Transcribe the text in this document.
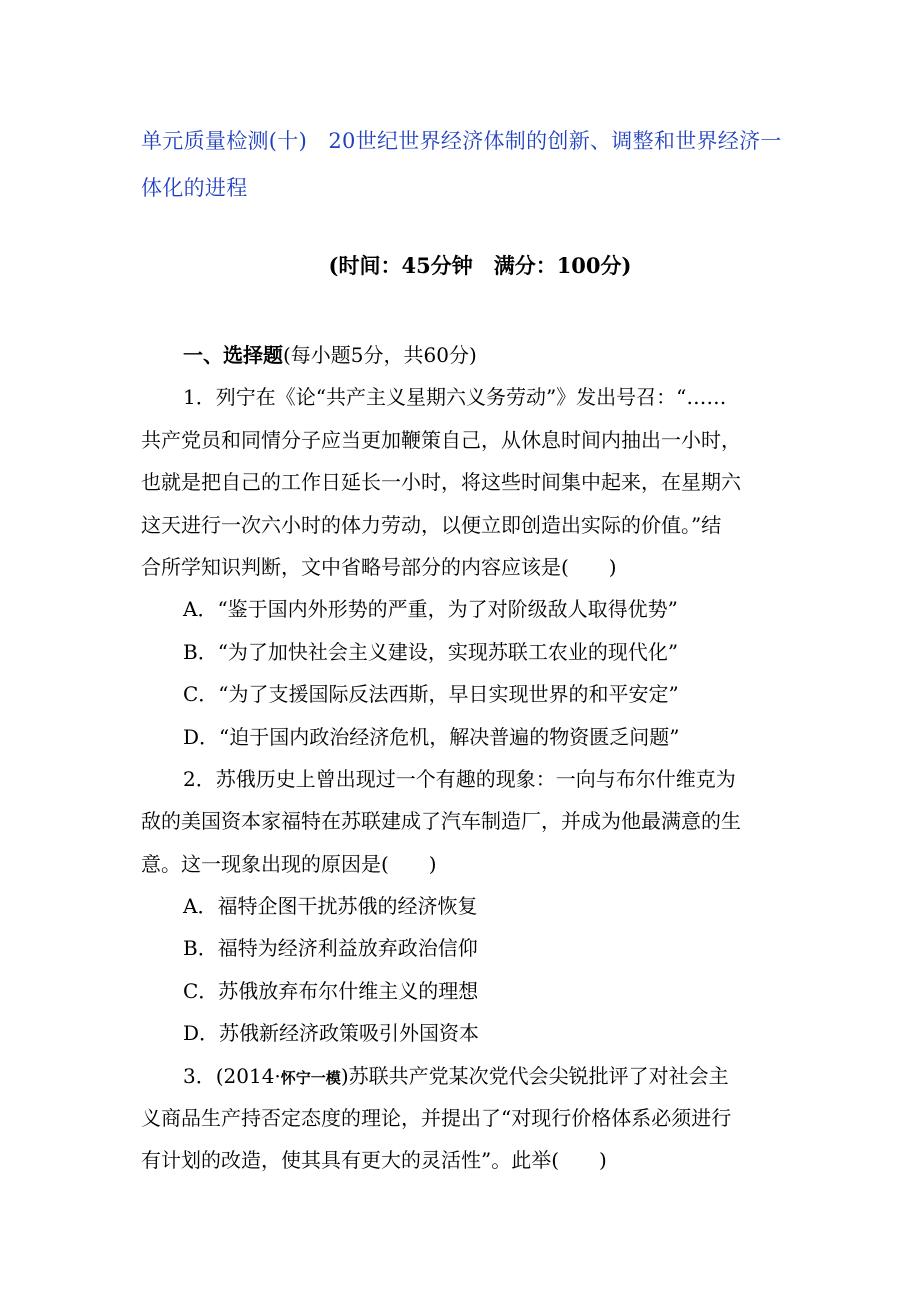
单元质量检测(十)　20世纪世界经济体制的创新、调整和世界经济一
体化的进程
(时间：45分钟　满分：100分)
一、选择题(每小题5分，共60分)
1．列宁在《论“共产主义星期六义务劳动”》发出号召：“……
共产党员和同情分子应当更加鞭策自己，从休息时间内抽出一小时，
也就是把自己的工作日延长一小时，将这些时间集中起来，在星期六
这天进行一次六小时的体力劳动，以便立即创造出实际的价值。”结
合所学知识判断，文中省略号部分的内容应该是(　　)
A．“鉴于国内外形势的严重，为了对阶级敌人取得优势”
B．“为了加快社会主义建设，实现苏联工农业的现代化”
C．“为了支援国际反法西斯，早日实现世界的和平安定”
D．“迫于国内政治经济危机，解决普遍的物资匮乏问题”
2．苏俄历史上曾出现过一个有趣的现象：一向与布尔什维克为
敌的美国资本家福特在苏联建成了汽车制造厂，并成为他最满意的生
意。这一现象出现的原因是(　　)
A．福特企图干扰苏俄的经济恢复
B．福特为经济利益放弃政治信仰
C．苏俄放弃布尔什维主义的理想
D．苏俄新经济政策吸引外国资本
3．(2014·怀宁一模)苏联共产党某次党代会尖锐批评了对社会主
义商品生产持否定态度的理论，并提出了“对现行价格体系必须进行
有计划的改造，使其具有更大的灵活性”。此举(　　)
